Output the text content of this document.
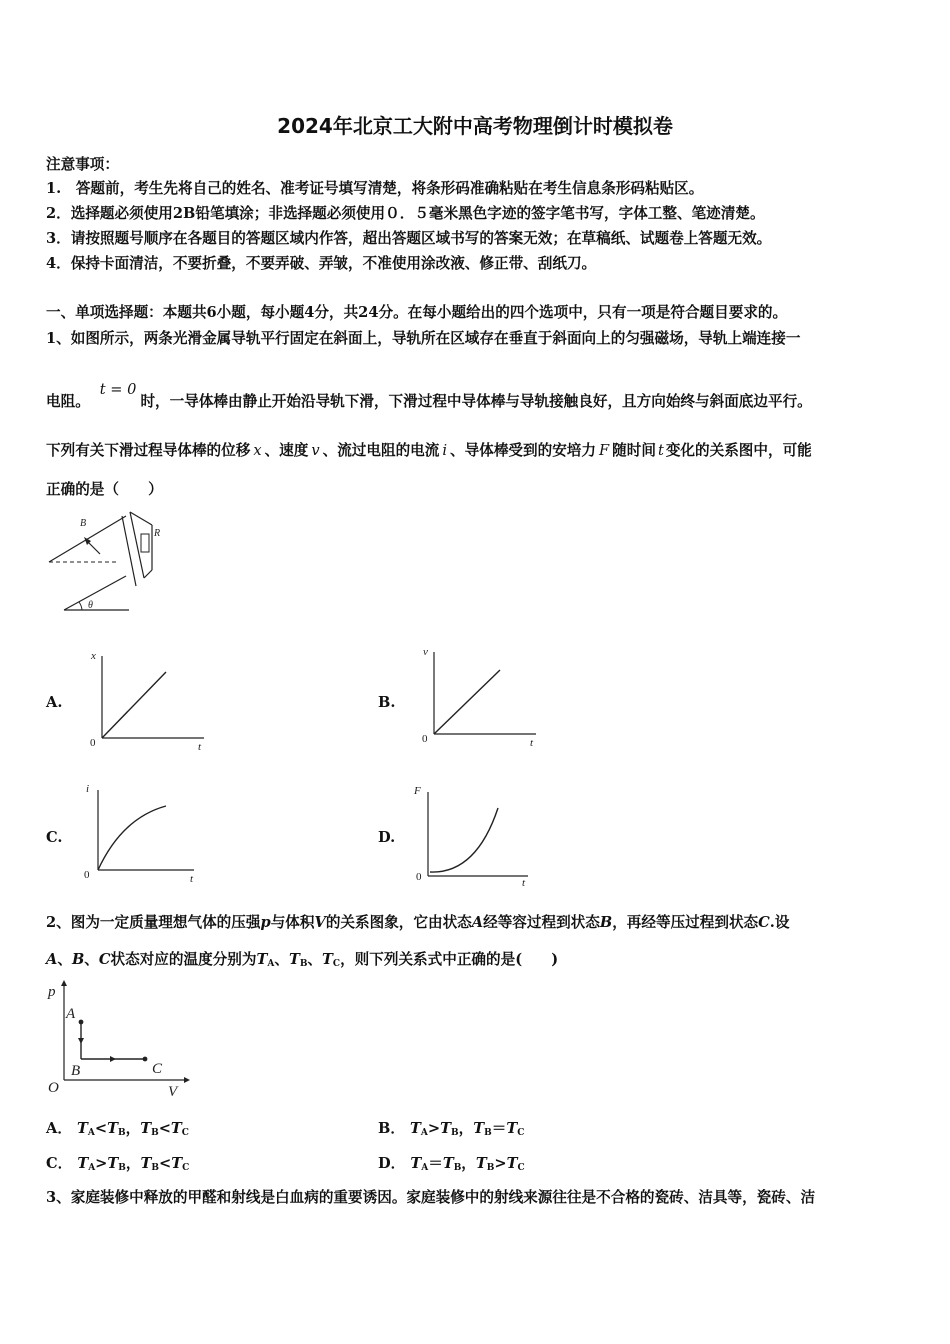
2024年北京工大附中高考物理倒计时模拟卷
注意事项：
1.　答题前，考生先将自己的姓名、准考证号填写清楚，将条形码准确粘贴在考生信息条形码粘贴区。
2．选择题必须使用2B铅笔填涂；非选择题必须使用０．５毫米黑色字迹的签字笔书写，字体工整、笔迹清楚。
3．请按照题号顺序在各题目的答题区域内作答，超出答题区域书写的答案无效；在草稿纸、试题卷上答题无效。
4．保持卡面清洁，不要折叠，不要弄破、弄皱，不准使用涂改液、修正带、刮纸刀。
一、单项选择题：本题共6小题，每小题4分，共24分。在每小题给出的四个选项中，只有一项是符合题目要求的。
1、如图所示，两条光滑金属导轨平行固定在斜面上，导轨所在区域存在垂直于斜面向上的匀强磁场，导轨上端连接一
电阻。t = 0时，一导体棒由静止开始沿导轨下滑，下滑过程中导体棒与导轨接触良好，且方向始终与斜面底边平行。
下列有关下滑过程导体棒的位移 x 、速度 v 、流过电阻的电流 i 、导体棒受到的安培力 F 随时间 t 变化的关系图中，可能
正确的是（　　）
B
R
θ
A.
x
t
0
B.
v
t
0
C.
i
t
0
D.
F
t
0
2、图为一定质量理想气体的压强p与体积V的关系图象，它由状态A经等容过程到状态B，再经等压过程到状态C.设
A、B、C状态对应的温度分别为$T_A$、$T_B$、$T_C$，则下列关系式中正确的是(　　)
p
V
O
A
B	C
A． $T_A<T_B$，$T_B<T_C$	B． $T_A>T_B$，$T_B=T_C$
C． $T_A>T_B$，$T_B<T_C$	D． $T_A=T_B$，$T_B>T_C$
3、家庭装修中释放的甲醛和射线是白血病的重要诱因。家庭装修中的射线来源往往是不合格的瓷砖、洁具等，瓷砖、洁
